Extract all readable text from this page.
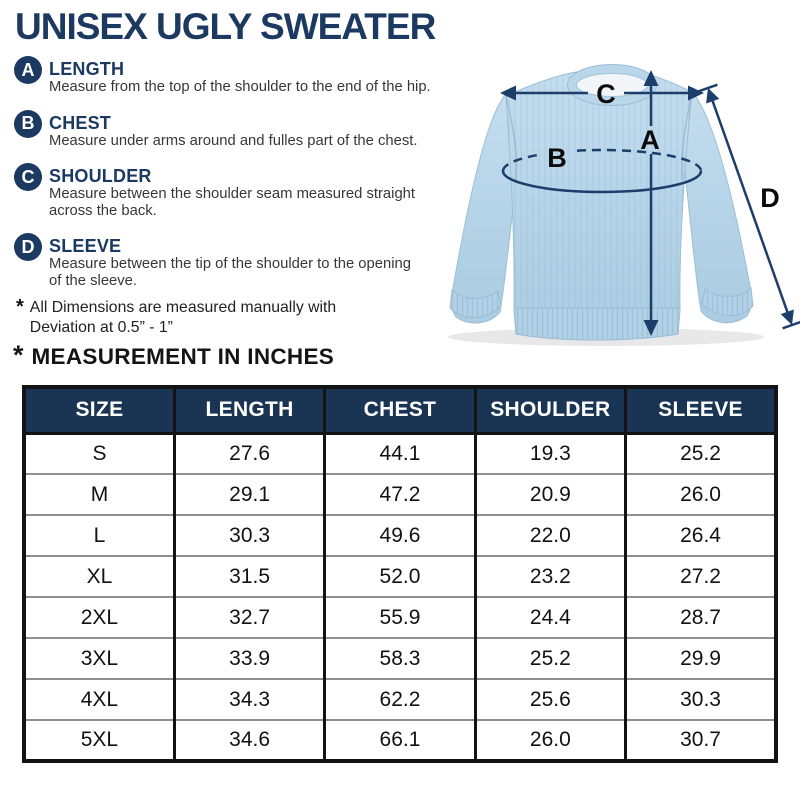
UNISEX UGLY SWEATER
A LENGTH
Measure from the top of the shoulder to the end of the hip.
B CHEST
Measure under arms around and fulles part of the chest.
C SHOULDER
Measure between the shoulder seam measured straight
across the back.
D SLEEVE
Measure between the tip of the shoulder to the opening
of the sleeve.
* All Dimensions are measured manually with
Deviation at 0.5” - 1”
* MEASUREMENT IN INCHES
C
A
B
D
SIZE	LENGTH	CHEST	SHOULDER	SLEEVE
S	27.6	44.1	19.3	25.2
M	29.1	47.2	20.9	26.0
L	30.3	49.6	22.0	26.4
XL	31.5	52.0	23.2	27.2
2XL	32.7	55.9	24.4	28.7
3XL	33.9	58.3	25.2	29.9
4XL	34.3	62.2	25.6	30.3
5XL	34.6	66.1	26.0	30.7
